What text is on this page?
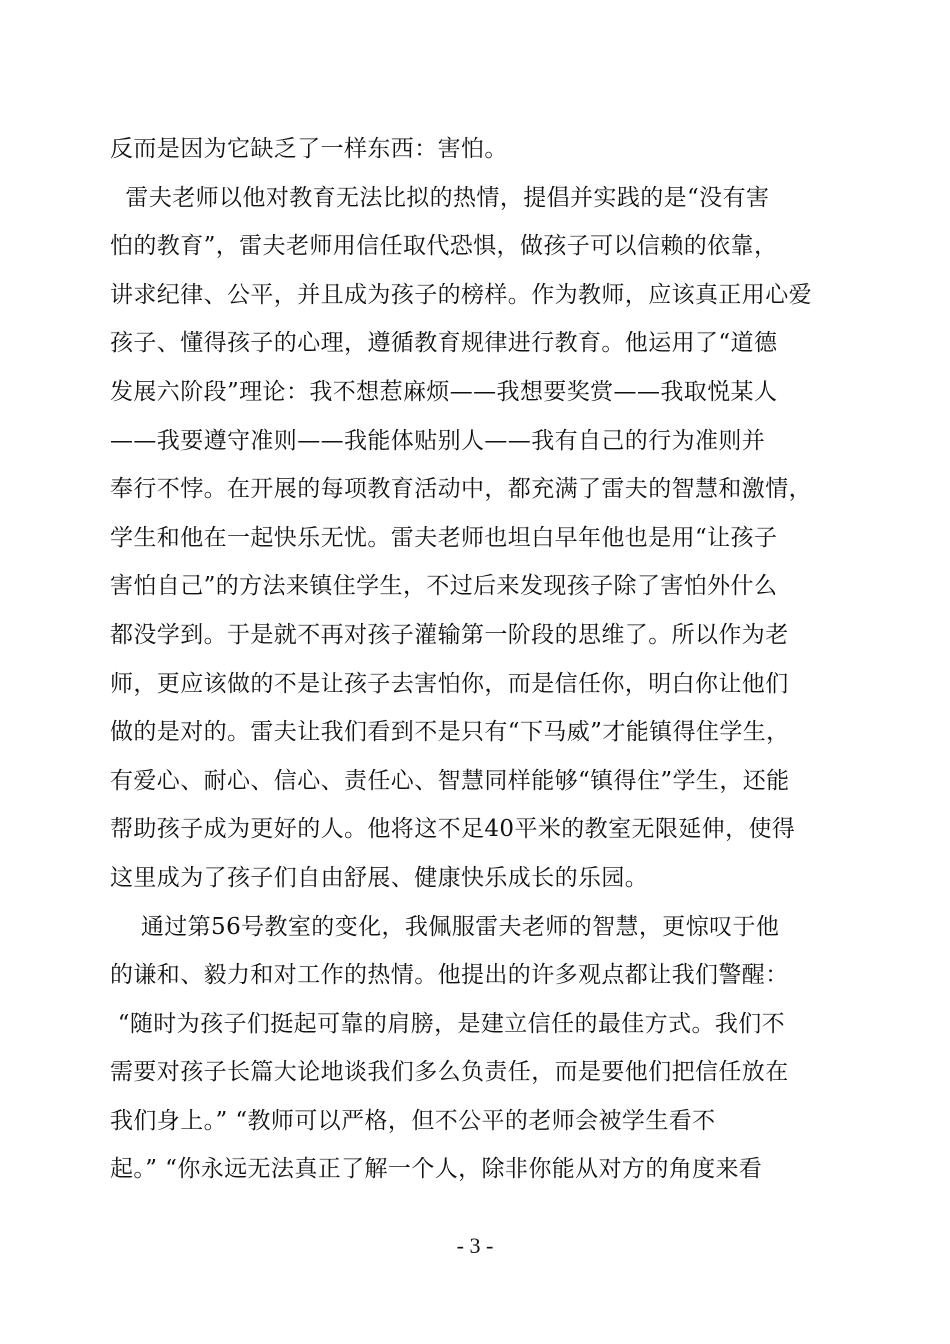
反而是因为它缺乏了一样东西：害怕。
雷夫老师以他对教育无法比拟的热情，提倡并实践的是“没有害
怕的教育”，雷夫老师用信任取代恐惧，做孩子可以信赖的依靠，
讲求纪律、公平，并且成为孩子的榜样。作为教师，应该真正用心爱
孩子、懂得孩子的心理，遵循教育规律进行教育。他运用了“道德
发展六阶段”理论：我不想惹麻烦——我想要奖赏——我取悦某人
——我要遵守准则——我能体贴别人——我有自己的行为准则并
奉行不悖。在开展的每项教育活动中，都充满了雷夫的智慧和激情，
学生和他在一起快乐无忧。雷夫老师也坦白早年他也是用“让孩子
害怕自己”的方法来镇住学生，不过后来发现孩子除了害怕外什么
都没学到。于是就不再对孩子灌输第一阶段的思维了。所以作为老
师，更应该做的不是让孩子去害怕你，而是信任你，明白你让他们
做的是对的。雷夫让我们看到不是只有“下马威”才能镇得住学生，
有爱心、耐心、信心、责任心、智慧同样能够“镇得住”学生，还能
帮助孩子成为更好的人。他将这不足40平米的教室无限延伸，使得
这里成为了孩子们自由舒展、健康快乐成长的乐园。
通过第56号教室的变化，我佩服雷夫老师的智慧，更惊叹于他
的谦和、毅力和对工作的热情。他提出的许多观点都让我们警醒：
“随时为孩子们挺起可靠的肩膀，是建立信任的最佳方式。我们不
需要对孩子长篇大论地谈我们多么负责任，而是要他们把信任放在
我们身上。” “教师可以严格，但不公平的老师会被学生看不
起。” “你永远无法真正了解一个人，除非你能从对方的角度来看
- 3 -
